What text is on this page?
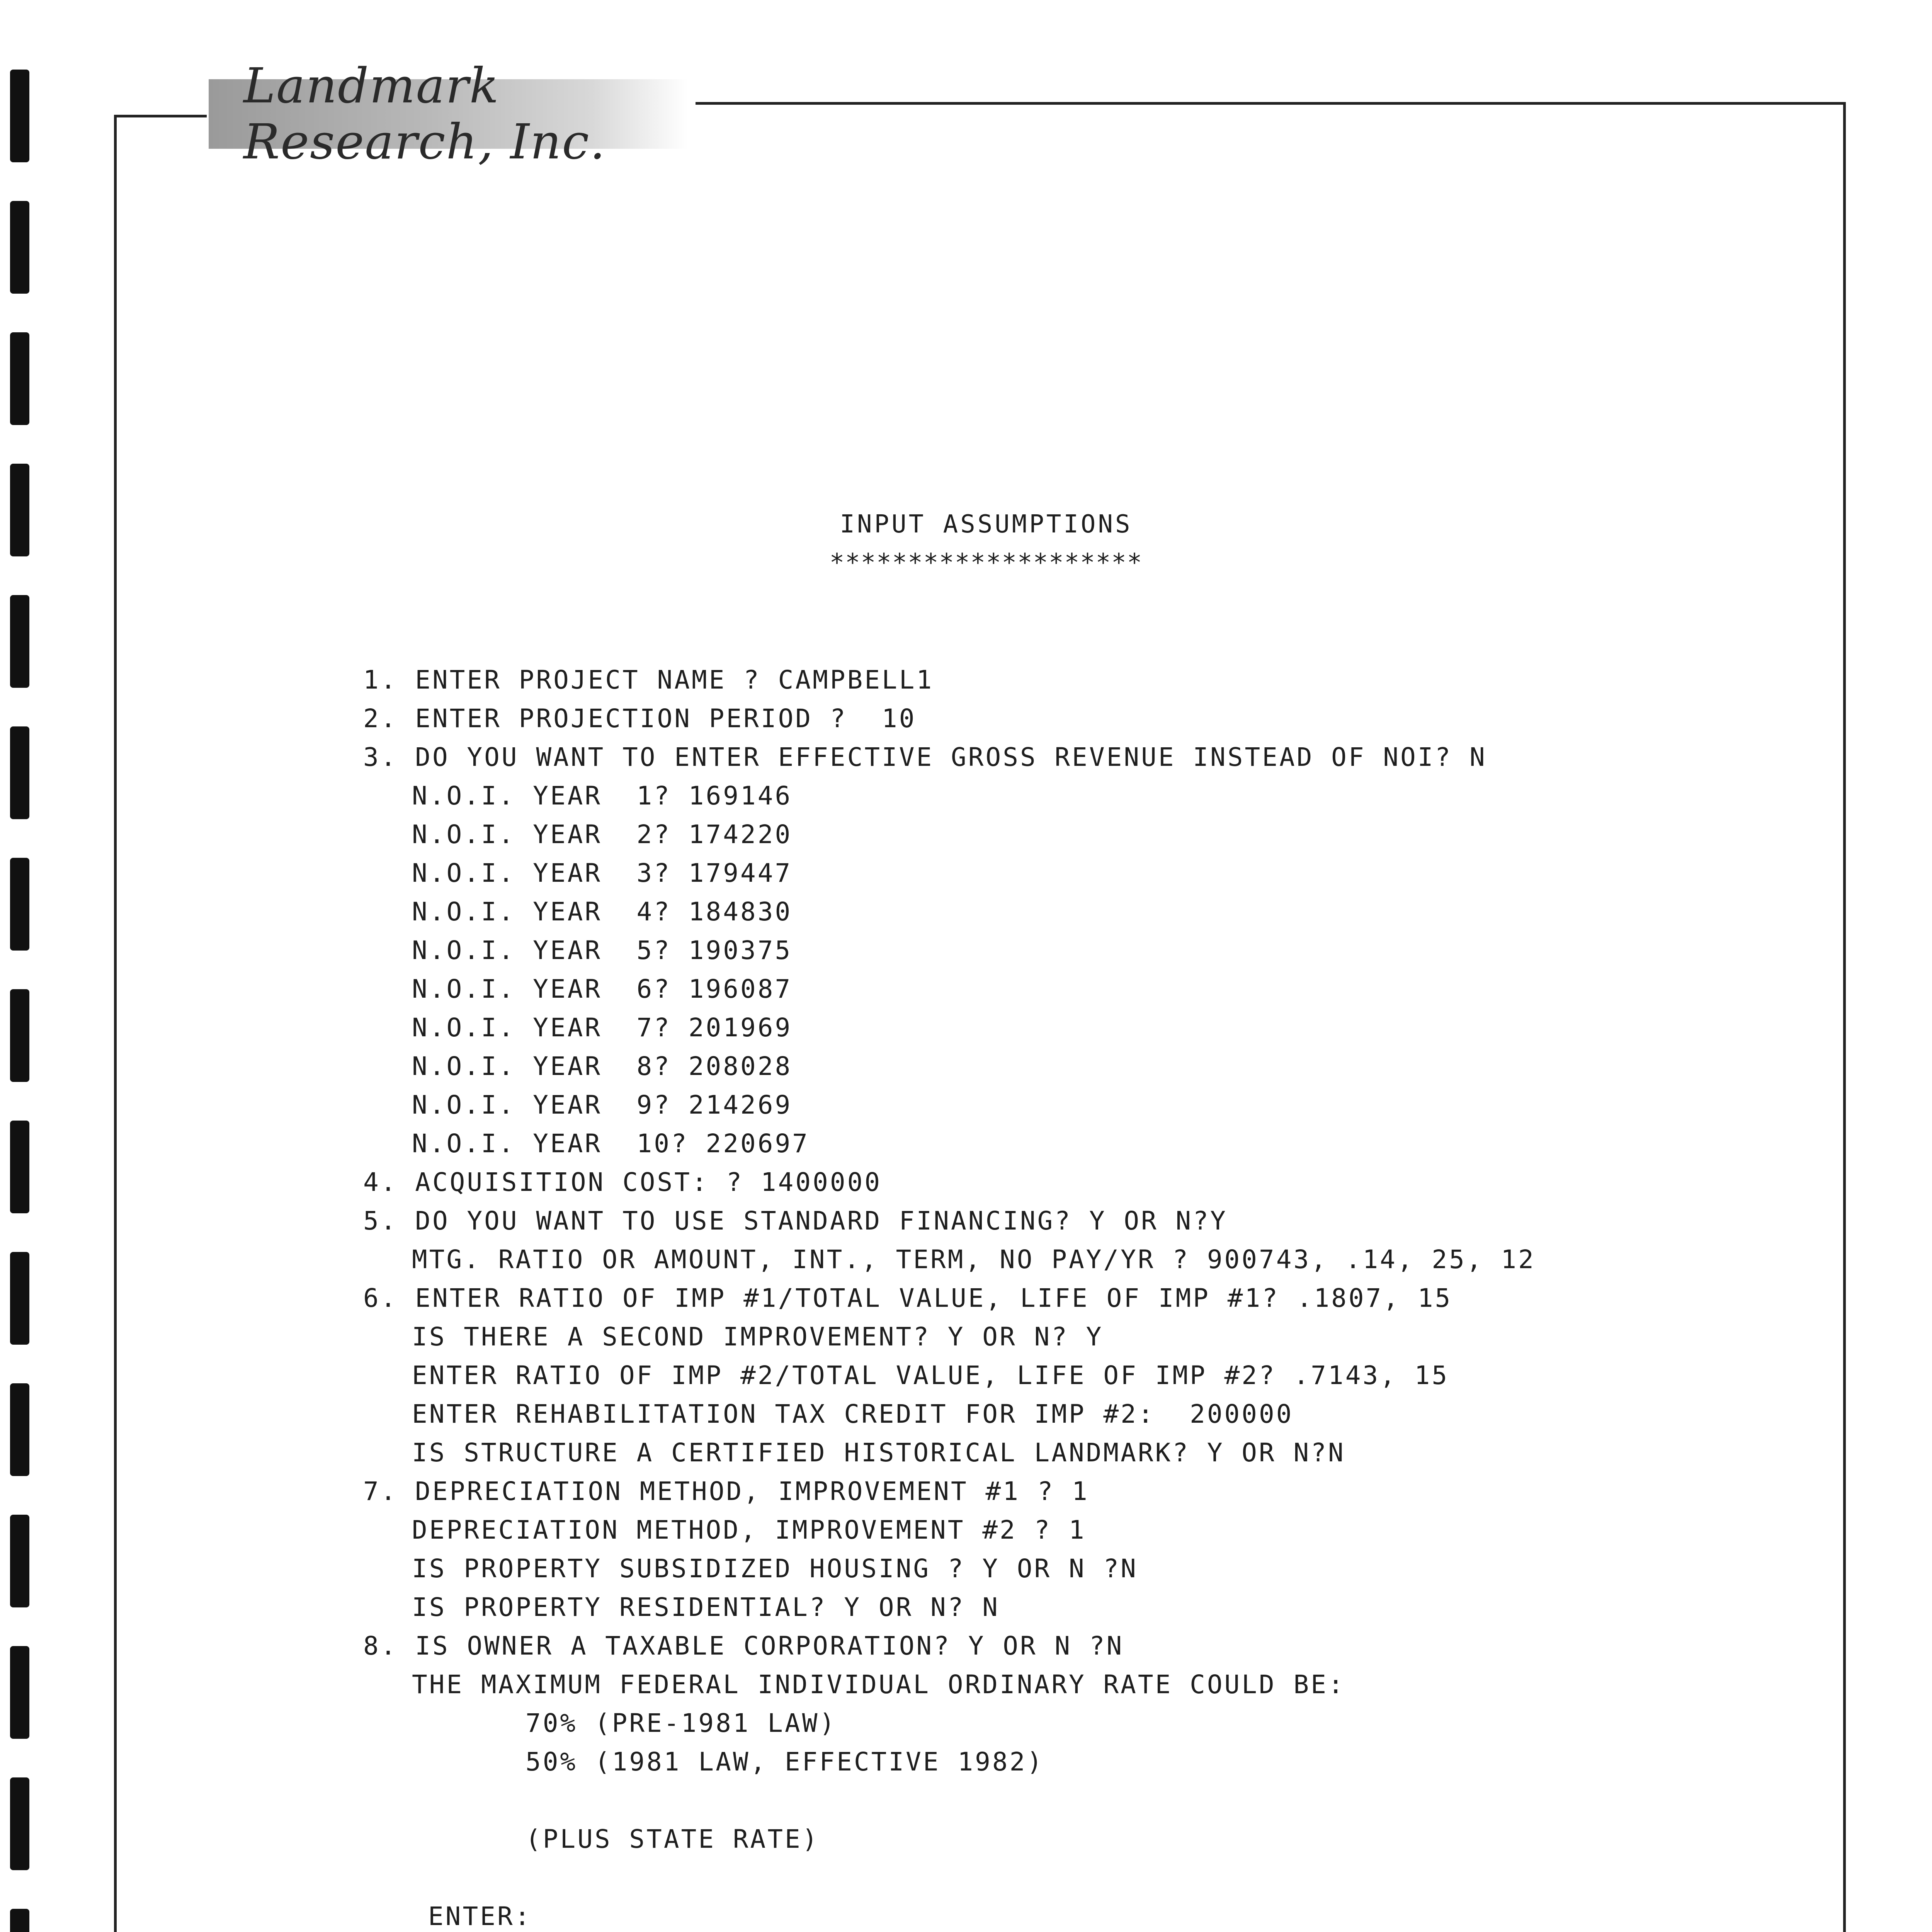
Landmark Research, Inc.
INPUT ASSUMPTIONS
********************
1. ENTER PROJECT NAME ? CAMPBELL1
2. ENTER PROJECTION PERIOD ?  10
3. DO YOU WANT TO ENTER EFFECTIVE GROSS REVENUE INSTEAD OF NOI? N
N.O.I. YEAR  1? 169146
N.O.I. YEAR  2? 174220
N.O.I. YEAR  3? 179447
N.O.I. YEAR  4? 184830
N.O.I. YEAR  5? 190375
N.O.I. YEAR  6? 196087
N.O.I. YEAR  7? 201969
N.O.I. YEAR  8? 208028
N.O.I. YEAR  9? 214269
N.O.I. YEAR  10? 220697
4. ACQUISITION COST: ? 1400000
5. DO YOU WANT TO USE STANDARD FINANCING? Y OR N?Y
MTG. RATIO OR AMOUNT, INT., TERM, NO PAY/YR ? 900743, .14, 25, 12
6. ENTER RATIO OF IMP #1/TOTAL VALUE, LIFE OF IMP #1? .1807, 15
IS THERE A SECOND IMPROVEMENT? Y OR N? Y
ENTER RATIO OF IMP #2/TOTAL VALUE, LIFE OF IMP #2? .7143, 15
ENTER REHABILITATION TAX CREDIT FOR IMP #2:  200000
IS STRUCTURE A CERTIFIED HISTORICAL LANDMARK? Y OR N?N
7. DEPRECIATION METHOD, IMPROVEMENT #1 ? 1
DEPRECIATION METHOD, IMPROVEMENT #2 ? 1
IS PROPERTY SUBSIDIZED HOUSING ? Y OR N ?N
IS PROPERTY RESIDENTIAL? Y OR N? N
8. IS OWNER A TAXABLE CORPORATION? Y OR N ?N
THE MAXIMUM FEDERAL INDIVIDUAL ORDINARY RATE COULD BE:
70% (PRE-1981 LAW)
50% (1981 LAW, EFFECTIVE 1982)
(PLUS STATE RATE)
ENTER:
